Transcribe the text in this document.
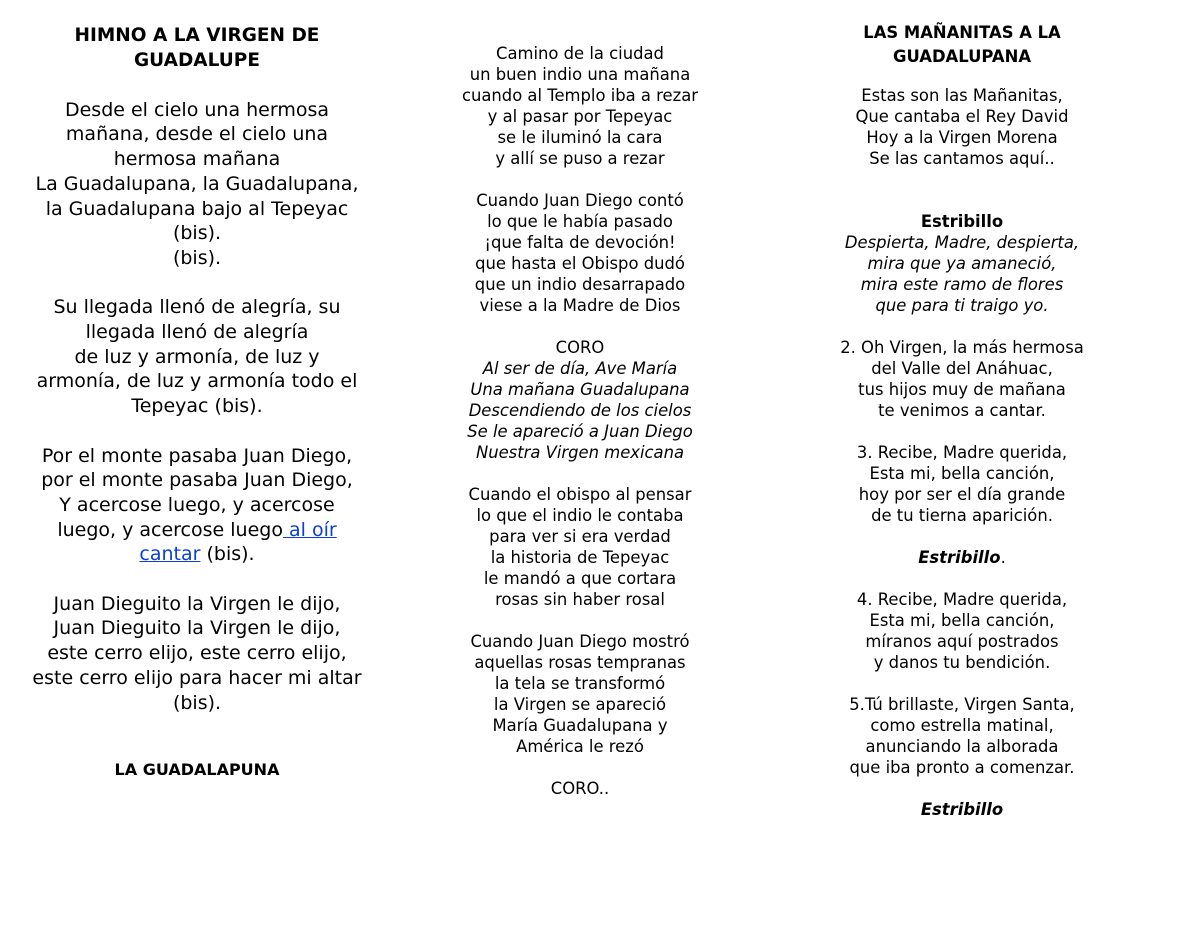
HIMNO A LA VIRGEN DE GUADALUPE

Desde el cielo una hermosa mañana, desde el cielo una hermosa mañana

La Guadalupana, la Guadalupana, la Guadalupana bajo al Tepeyac (bis).

(bis).

Su llegada llenó de alegría, su llegada llenó de alegría

de luz y armonía, de luz y armonía, de luz y armonía todo el Tepeyac (bis).

Por el monte pasaba Juan Diego, por el monte pasaba Juan Diego,

Y acercose luego, y acercose luego, y acercose luego al oír cantar (bis).

Juan Dieguito la Virgen le dijo, Juan Dieguito la Virgen le dijo,

este cerro elijo, este cerro elijo, este cerro elijo para hacer mi altar (bis).

LA GUADALAPUNA

Camino de la ciudad

un buen indio una mañana

cuando al Templo iba a rezar

y al pasar por Tepeyac

se le iluminó la cara

y allí se puso a rezar

Cuando Juan Diego contó

lo que le había pasado

¡que falta de devoción!

que hasta el Obispo dudó

que un indio desarrapado

viese a la Madre de Dios

CORO

Al ser de día, Ave María

Una mañana Guadalupana

Descendiendo de los cielos

Se le apareció a Juan Diego

Nuestra Virgen mexicana

Cuando el obispo al pensar

lo que el indio le contaba

para ver si era verdad

la historia de Tepeyac

le mandó a que cortara

rosas sin haber rosal

Cuando Juan Diego mostró

aquellas rosas tempranas

la tela se transformó

la Virgen se apareció

María Guadalupana y

América le rezó

CORO..

LAS MAÑANITAS A LA

GUADALUPANA

Estas son las Mañanitas,

Que cantaba el Rey David

Hoy a la Virgen Morena

Se las cantamos aquí..

Estribillo

Despierta, Madre, despierta,

mira que ya amaneció,

mira este ramo de flores

que para ti traigo yo.

2. Oh Virgen, la más hermosa

del Valle del Anáhuac,

tus hijos muy de mañana

te venimos a cantar.

3. Recibe, Madre querida,

Esta mi, bella canción,

hoy por ser el día grande

de tu tierna aparición.

Estribillo.

4. Recibe, Madre querida,

Esta mi, bella canción,

míranos aquí postrados

y danos tu bendición.

5.Tú brillaste, Virgen Santa,

como estrella matinal,

anunciando la alborada

que iba pronto a comenzar.

Estribillo
